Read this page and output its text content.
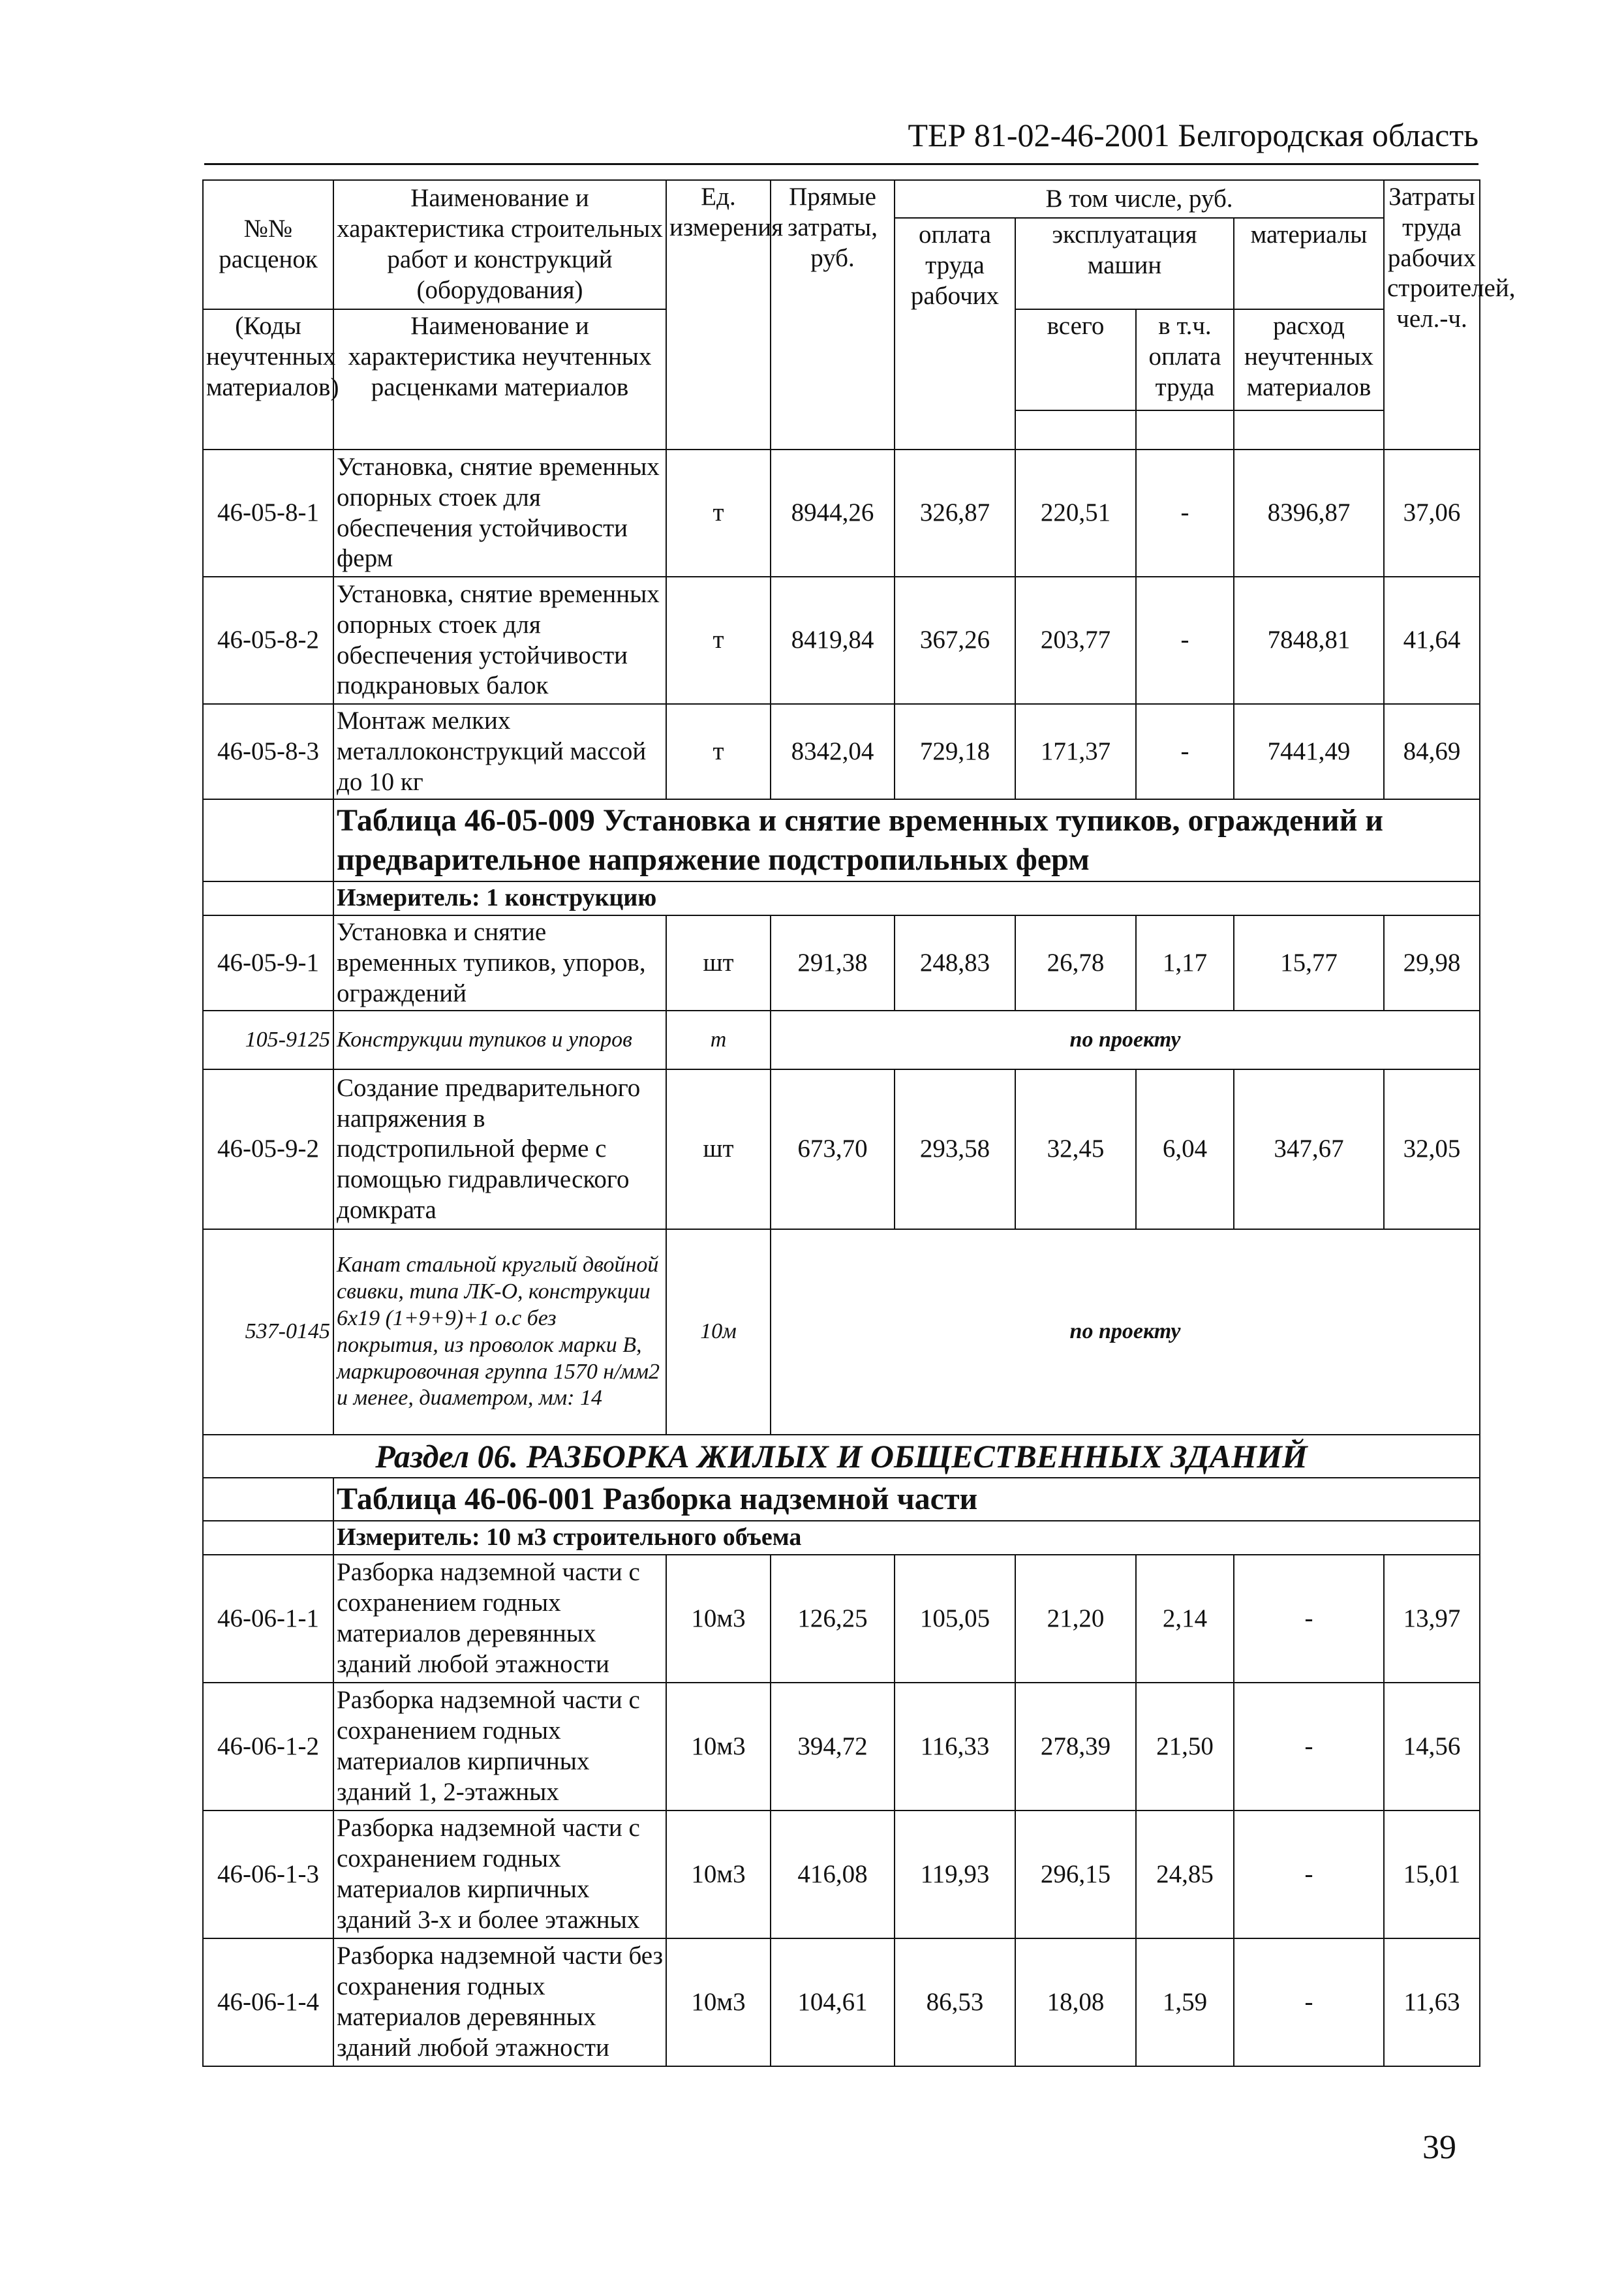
ТЕР 81-02-46-2001 Белгородская область
№№ расценок	Наименование и характеристика строительных работ и конструкций (оборудования)	Ед. измерения	Прямые затраты, руб.	В том числе, руб.				Затраты труда рабочих строителей, чел.-ч.
				оплата труда рабочих	эксплуатация машин		материалы	
(Коды неучтенных материалов)	Наименование и характеристика неучтенных расценками материалов				всего	в т.ч. оплата труда	расход неучтенных материалов	

46-05-8-1	Установка, снятие временных опорных стоек для обеспечения устойчивости ферм	т	8944,26	326,87	220,51	-	8396,87	37,06
46-05-8-2	Установка, снятие временных опорных стоек для обеспечения устойчивости подкрановых балок	т	8419,84	367,26	203,77	-	7848,81	41,64
46-05-8-3	Монтаж мелких металлоконструкций массой до 10 кг	т	8342,04	729,18	171,37	-	7441,49	84,69
	Таблица 46-05-009 Установка и снятие временных тупиков, ограждений и предварительное напряжение подстропильных ферм							
	Измеритель: 1 конструкцию							
46-05-9-1	Установка и снятие временных тупиков, упоров, ограждений	шт	291,38	248,83	26,78	1,17	15,77	29,98
105-9125	Конструкции тупиков и упоров	т	по проекту					
46-05-9-2	Создание предварительного напряжения в подстропильной ферме с помощью гидравлического домкрата	шт	673,70	293,58	32,45	6,04	347,67	32,05
537-0145	Канат стальной круглый двойной свивки, типа ЛК-О, конструкции 6х19 (1+9+9)+1 о.с без покрытия, из проволок марки В, маркировочная группа 1570 н/мм2 и менее, диаметром, мм: 14	10м	по проекту					
Раздел 06. РАЗБОРКА ЖИЛЫХ И ОБЩЕСТВЕННЫХ ЗДАНИЙ								
	Таблица 46-06-001 Разборка надземной части							
	Измеритель: 10 м3 строительного объема							
46-06-1-1	Разборка надземной части с сохранением годных материалов деревянных зданий любой этажности	10м3	126,25	105,05	21,20	2,14	-	13,97
46-06-1-2	Разборка надземной части с сохранением годных материалов кирпичных зданий 1, 2-этажных	10м3	394,72	116,33	278,39	21,50	-	14,56
46-06-1-3	Разборка надземной части с сохранением годных материалов кирпичных зданий 3-х и более этажных	10м3	416,08	119,93	296,15	24,85	-	15,01
46-06-1-4	Разборка надземной части без сохранения годных материалов деревянных зданий любой этажности	10м3	104,61	86,53	18,08	1,59	-	11,63
39
